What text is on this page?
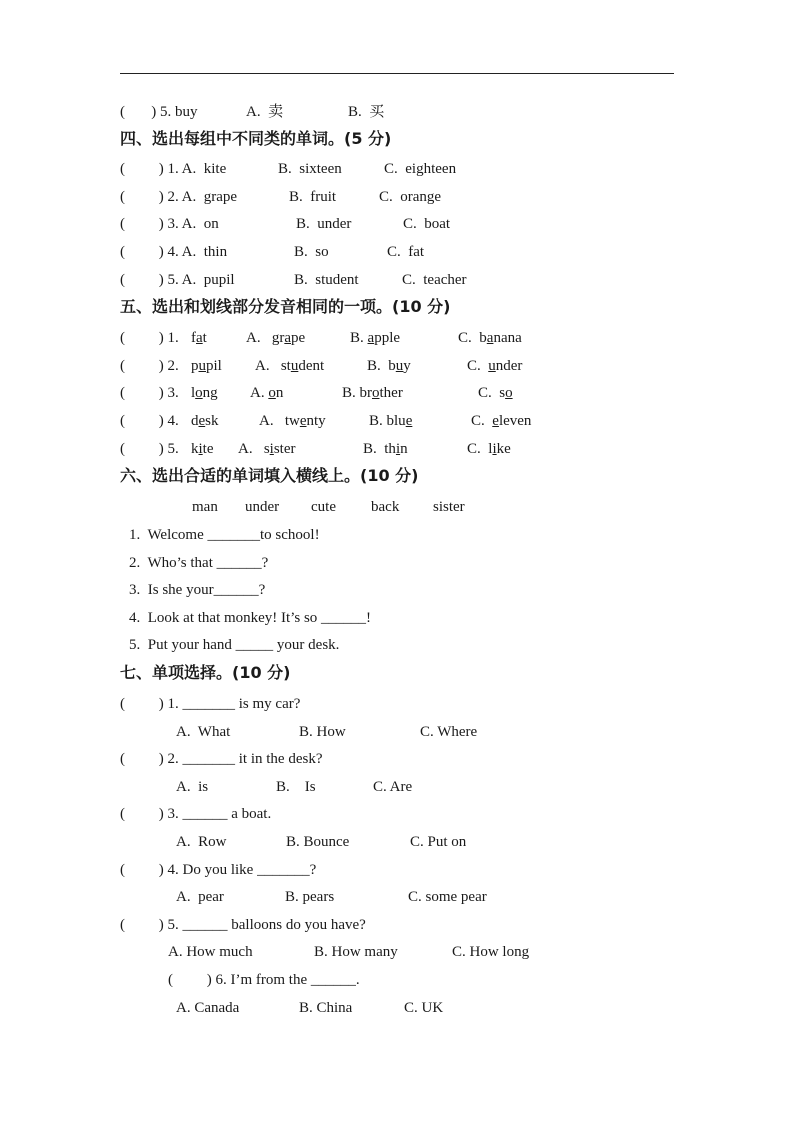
(       ) 5. buy	A.  卖	B.  买
四、选出每组中不同类的单词。(5 分)
(         ) 1. A.  kite	B.  sixteen	C.  eighteen
(         ) 2. A.  grape	B.  fruit	C.  orange
(         ) 3. A.  on	B.  under	C.  boat
(         ) 4. A.  thin	B.  so	C.  fat
(         ) 5. A.  pupil	B.  student	C.  teacher
五、选出和划线部分发音相同的一项。(10 分)
(         ) 1. fat	A.   grape	B. apple	C.  banana
(         ) 2. pupil A.   student	B.  buy	C.  under
(         ) 3. long A. on	B. brother	C.  so
(         ) 4. desk	A.   twenty	B. blue	C.  eleven
(         ) 5. kite A.   sister	B.  thin	C.  like
六、选出合适的单词填入横线上。(10 分)
man under cute back sister
1.  Welcome _______to school!
2.  Who’s that ______?
3.  Is she your______?
4.  Look at that monkey! It’s so ______!
5.  Put your hand _____ your desk.
七、单项选择。(10 分)
(         ) 1. _______ is my car?
A.  What	B. How	C. Where
(         ) 2. _______ it in the desk?
A.  is	B.    Is	C. Are
(         ) 3. ______ a boat.
A.  Row	B. Bounce	C. Put on
(         ) 4. Do you like _______?
A.  pear	B. pears	C. some pear
(         ) 5. ______ balloons do you have?
A. How much	B. How many	C. How long
(         ) 6. I’m from the ______.
A. Canada	B. China	C. UK
